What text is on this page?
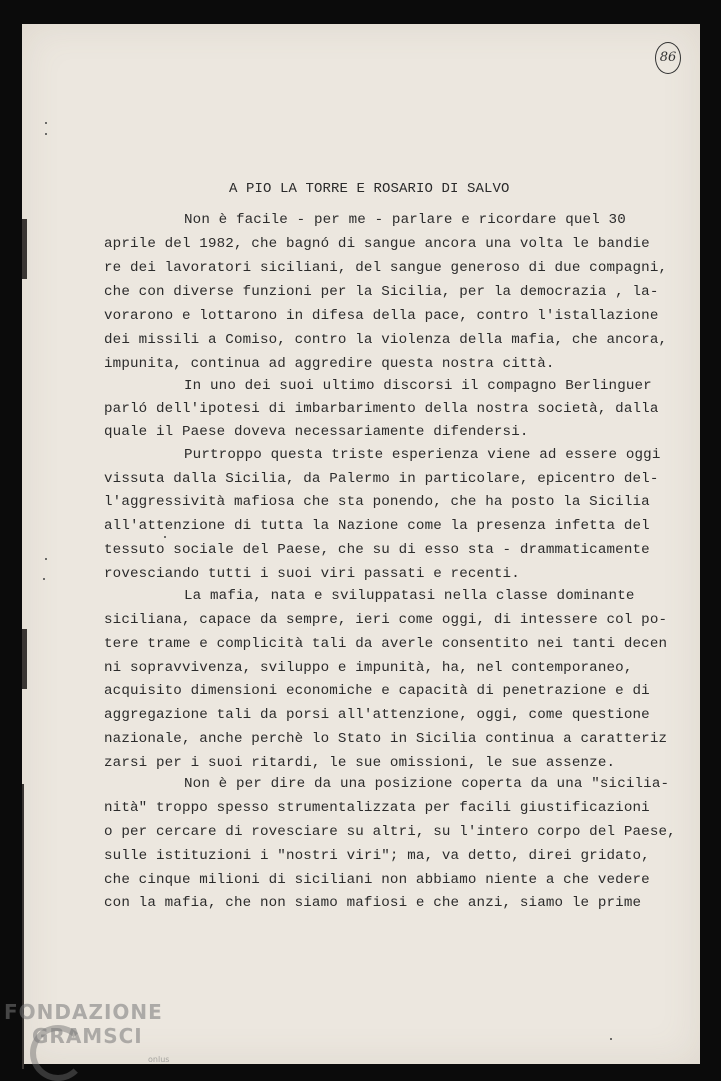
86
A PIO LA TORRE E ROSARIO DI SALVO
Non è facile - per me - parlare e ricordare quel 30
aprile del 1982, che bagnó di sangue ancora una volta le bandie
re dei lavoratori siciliani, del sangue generoso di due compagni,
che con diverse funzioni per la Sicilia, per la democrazia , la-
vorarono e lottarono in difesa della pace, contro l'istallazione
dei missili a Comiso, contro la violenza della mafia, che ancora,
impunita, continua ad aggredire questa nostra città.
In uno dei suoi ultimo discorsi il compagno Berlinguer
parló dell'ipotesi di imbarbarimento della nostra società, dalla
quale il Paese doveva necessariamente difendersi.
Purtroppo questa triste esperienza viene ad essere oggi
vissuta dalla Sicilia, da Palermo in particolare, epicentro del-
l'aggressività mafiosa che sta ponendo, che ha posto la Sicilia
all'attenzione di tutta la Nazione come la presenza infetta del
tessuto sociale del Paese, che su di esso sta - drammaticamente
rovesciando tutti i suoi viri passati e recenti.
La mafia, nata e sviluppatasi nella classe dominante
siciliana, capace da sempre, ieri come oggi, di intessere col po-
tere trame e complicità tali da averle consentito nei tanti decen
ni sopravvivenza, sviluppo e impunità, ha, nel contemporaneo,
acquisito dimensioni economiche e capacità di penetrazione e di
aggregazione tali da porsi all'attenzione, oggi, come questione
nazionale, anche perchè lo Stato in Sicilia continua a caratteriz
zarsi per i suoi ritardi, le sue omissioni, le sue assenze.
Non è per dire da una posizione coperta da una "sicilia-
nità" troppo spesso strumentalizzata per facili giustificazioni
o per cercare di rovesciare su altri, su l'intero corpo del Paese,
sulle istituzioni i "nostri viri"; ma, va detto, direi gridato,
che cinque milioni di siciliani non abbiamo niente a che vedere
con la mafia, che non siamo mafiosi e che anzi, siamo le prime
FONDAZIONE
GRAMSCI
onlus
